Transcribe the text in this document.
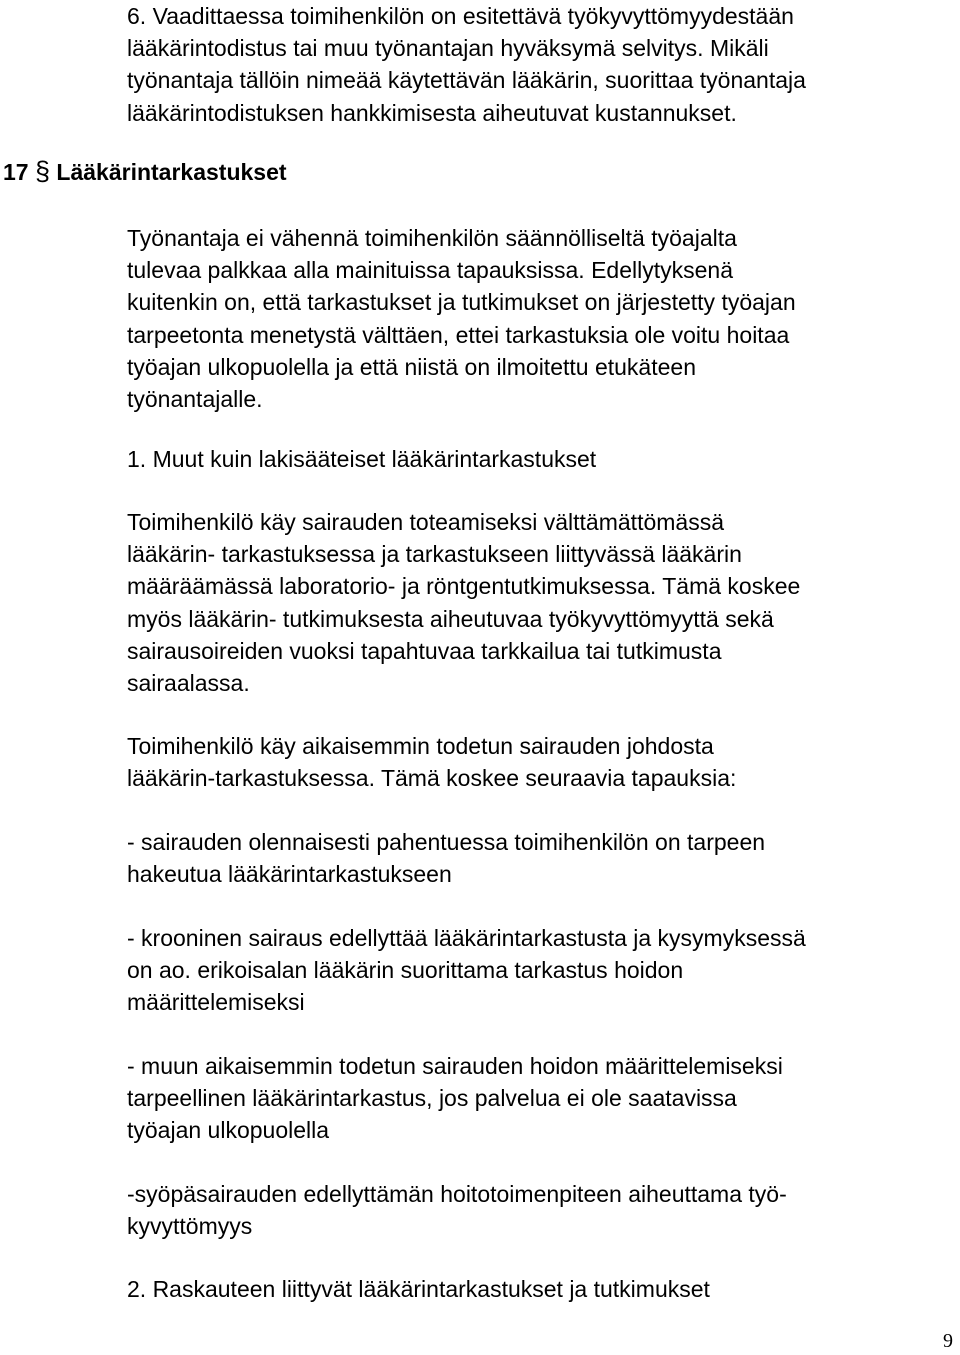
6. Vaadittaessa toimihenkilön on esitettävä työkyvyttömyydestään
lääkärintodistus tai muu työnantajan hyväksymä selvitys. Mikäli
työnantaja tällöin nimeää käytettävän lääkärin, suorittaa työnantaja
lääkärintodistuksen hankkimisesta aiheutuvat kustannukset.

17 § Lääkärintarkastukset

Työnantaja ei vähennä toimihenkilön säännölliseltä työajalta
tulevaa palkkaa alla mainituissa tapauksissa. Edellytyksenä
kuitenkin on, että tarkastukset ja tutkimukset on järjestetty työajan
tarpeetonta menetystä välttäen, ettei tarkastuksia ole voitu hoitaa
työajan ulkopuolella ja että niistä on ilmoitettu etukäteen
työnantajalle.

1. Muut kuin lakisääteiset lääkärintarkastukset

Toimihenkilö käy sairauden toteamiseksi välttämättömässä
lääkärin- tarkastuksessa ja tarkastukseen liittyvässä lääkärin
määräämässä laboratorio- ja röntgentutkimuksessa. Tämä koskee
myös lääkärin- tutkimuksesta aiheutuvaa työkyvyttömyyttä sekä
sairausoireiden vuoksi tapahtuvaa tarkkailua tai tutkimusta
sairaalassa.

Toimihenkilö käy aikaisemmin todetun sairauden johdosta
lääkärin-tarkastuksessa. Tämä koskee seuraavia tapauksia:

- sairauden olennaisesti pahentuessa toimihenkilön on tarpeen
hakeutua lääkärintarkastukseen

- krooninen sairaus edellyttää lääkärintarkastusta ja kysymyksessä
on ao. erikoisalan lääkärin suorittama tarkastus hoidon
määrittelemiseksi

- muun aikaisemmin todetun sairauden hoidon määrittelemiseksi
tarpeellinen lääkärintarkastus, jos palvelua ei ole saatavissa
työajan ulkopuolella

-syöpäsairauden edellyttämän hoitotoimenpiteen aiheuttama työ-
kyvyttömyys

2. Raskauteen liittyvät lääkärintarkastukset ja tutkimukset

9
